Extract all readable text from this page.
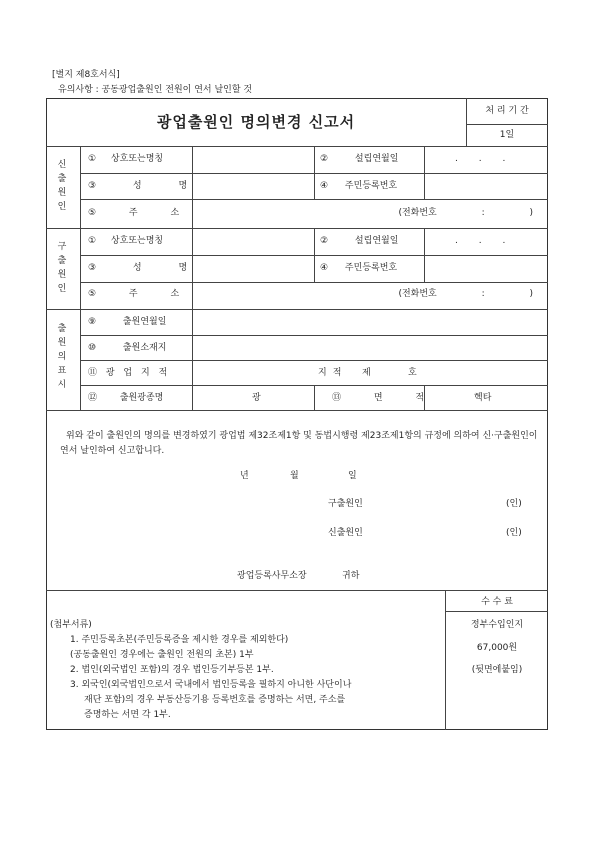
[별지 제8호서식]
유의사항 : 공동광업출원인 전원이 연서 날인할 것
광업출원인 명의변경 신고서
처 리 기 간
1일
신출원인
① 상호또는명칭	② 설립연월일	. . .
③ 성 명	④ 주민등록번호
⑤ 주 소	(전화번호 : )
구출원인
① 상호또는명칭	② 설립연월일	. . .
③ 성 명	④ 주민등록번호
⑤ 주 소	(전화번호 : )
출원의표시
⑨ 출원연월일
⑩ 출원소재지
⑪ 광 업 지 적	지적 제	호
⑫ 출원광종명	광	⑬ 면 적	헥타
위와 같이 출원인의 명의를 변경하였기 광업법 제32조제1항 및 동법시행령 제23조제1항의 규정에 의하여 신·구출원인이 연서 날인하여 신고합니다.
년	월	일
구출원인	(인)
신출원인	(인)
광업등록사무소장	귀하
(첨부서류)
1. 주민등록초본(주민등록증을 제시한 경우를 제외한다)
(공동출원인 경우에는 출원인 전원의 초본) 1부
2. 법인(외국법인 포함)의 경우 법인등기부등본 1부.
3. 외국인(외국법인으로서 국내에서 법인등록을 필하지 아니한 사단이나
재단 포함)의 경우 부동산등기용 등록번호를 증명하는 서면, 주소를
증명하는 서면 각 1부.
수 수 료
정부수입인지
67,000원
(뒷면에붙임)
